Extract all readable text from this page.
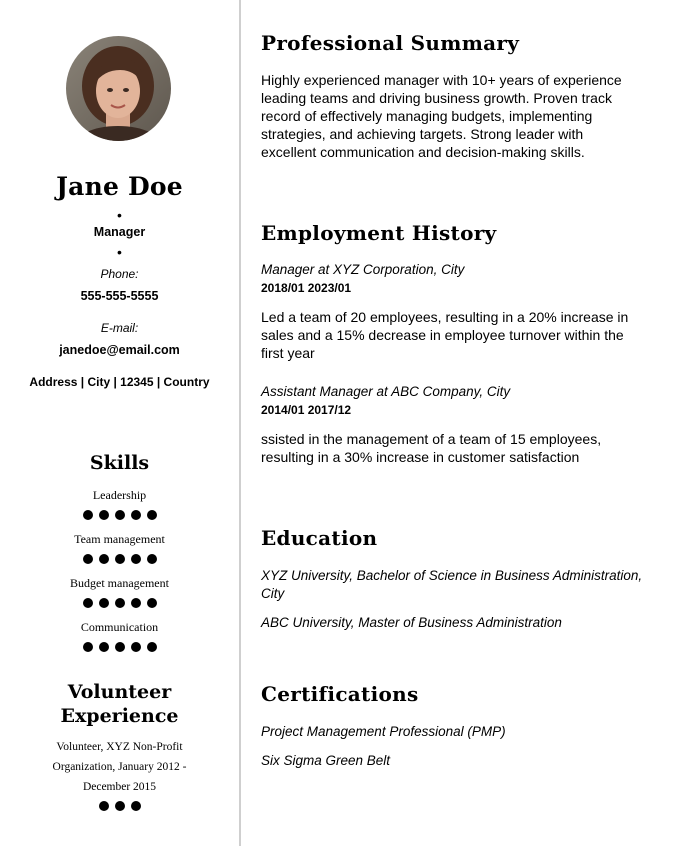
Jane Doe
•
Manager
•
Phone:
555-555-5555
E-mail:
janedoe@email.com
Address | City | 12345 | Country
Skills
Leadership
Team management
Budget management
Communication
Volunteer
Experience
Volunteer, XYZ Non-Profit
Organization, January 2012 -
December 2015
Professional Summary
Highly experienced manager with 10+ years of experience
leading teams and driving business growth. Proven track
record of effectively managing budgets, implementing
strategies, and achieving targets. Strong leader with
excellent communication and decision-making skills.
Employment History
Manager at XYZ Corporation, City
2018/01 2023/01
Led a team of 20 employees, resulting in a 20% increase in
sales and a 15% decrease in employee turnover within the
first year
Assistant Manager at ABC Company, City
2014/01 2017/12
ssisted in the management of a team of 15 employees,
resulting in a 30% increase in customer satisfaction
Education
XYZ University, Bachelor of Science in Business Administration,
City
ABC University, Master of Business Administration
Certifications
Project Management Professional (PMP)
Six Sigma Green Belt
